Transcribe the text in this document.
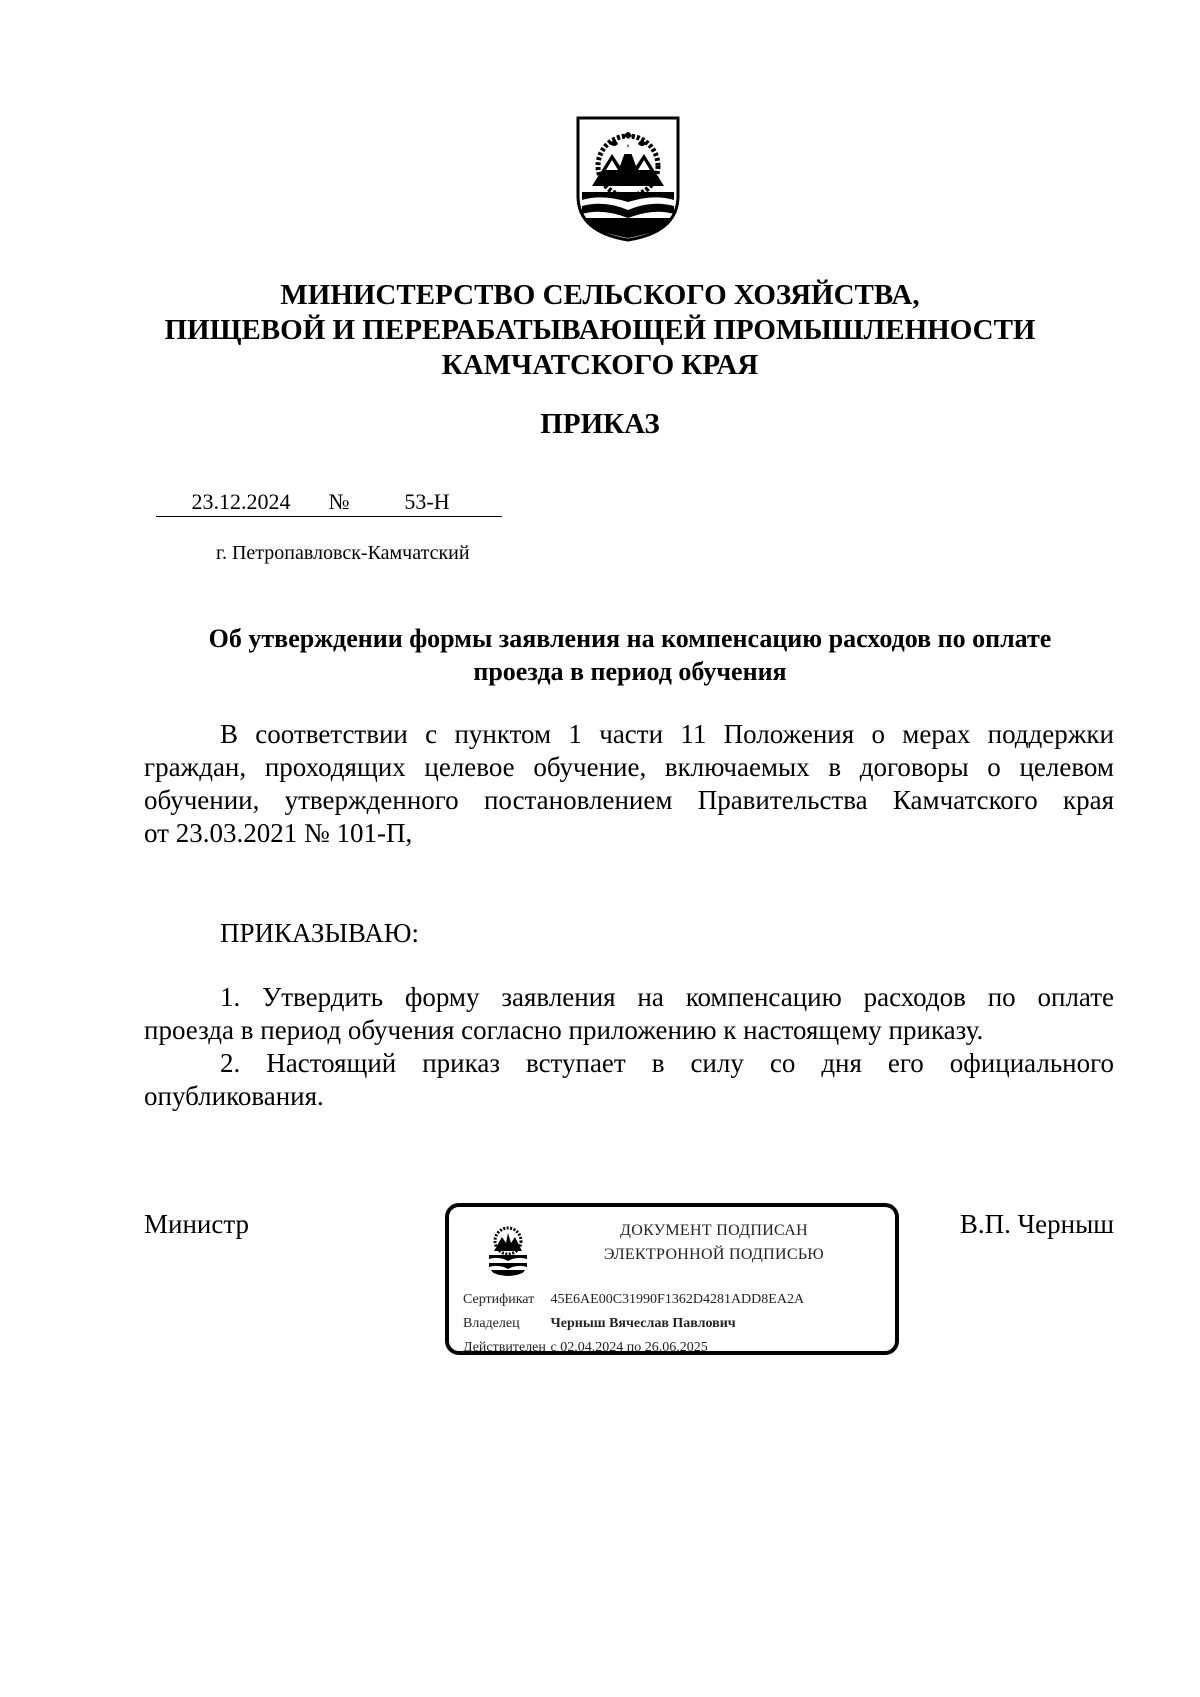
МИНИСТЕРСТВО СЕЛЬСКОГО ХОЗЯЙСТВА,
ПИЩЕВОЙ И ПЕРЕРАБАТЫВАЮЩЕЙ ПРОМЫШЛЕННОСТИ
КАМЧАТСКОГО КРАЯ
ПРИКАЗ
23.12.2024 № 53-Н
г. Петропавловск-Камчатский
Об утверждении формы заявления на компенсацию расходов по оплате
проезда в период обучения
В соответствии с пунктом 1 части 11 Положения о мерах поддержки
граждан, проходящих целевое обучение, включаемых в договоры о целевом
обучении, утвержденного постановлением Правительства Камчатского края
от 23.03.2021 № 101-П,
ПРИКАЗЫВАЮ:
1. Утвердить форму заявления на компенсацию расходов по оплате
проезда в период обучения согласно приложению к настоящему приказу.
2. Настоящий приказ вступает в силу со дня его официального
опубликования.
Министр	В.П. Черныш
ДОКУМЕНТ ПОДПИСАН
ЭЛЕКТРОННОЙ ПОДПИСЬЮ
Сертификат 45E6AE00C31990F1362D4281ADD8EA2A
Владелец Черныш Вячеслав Павлович
Действителен с 02.04.2024 по 26.06.2025
